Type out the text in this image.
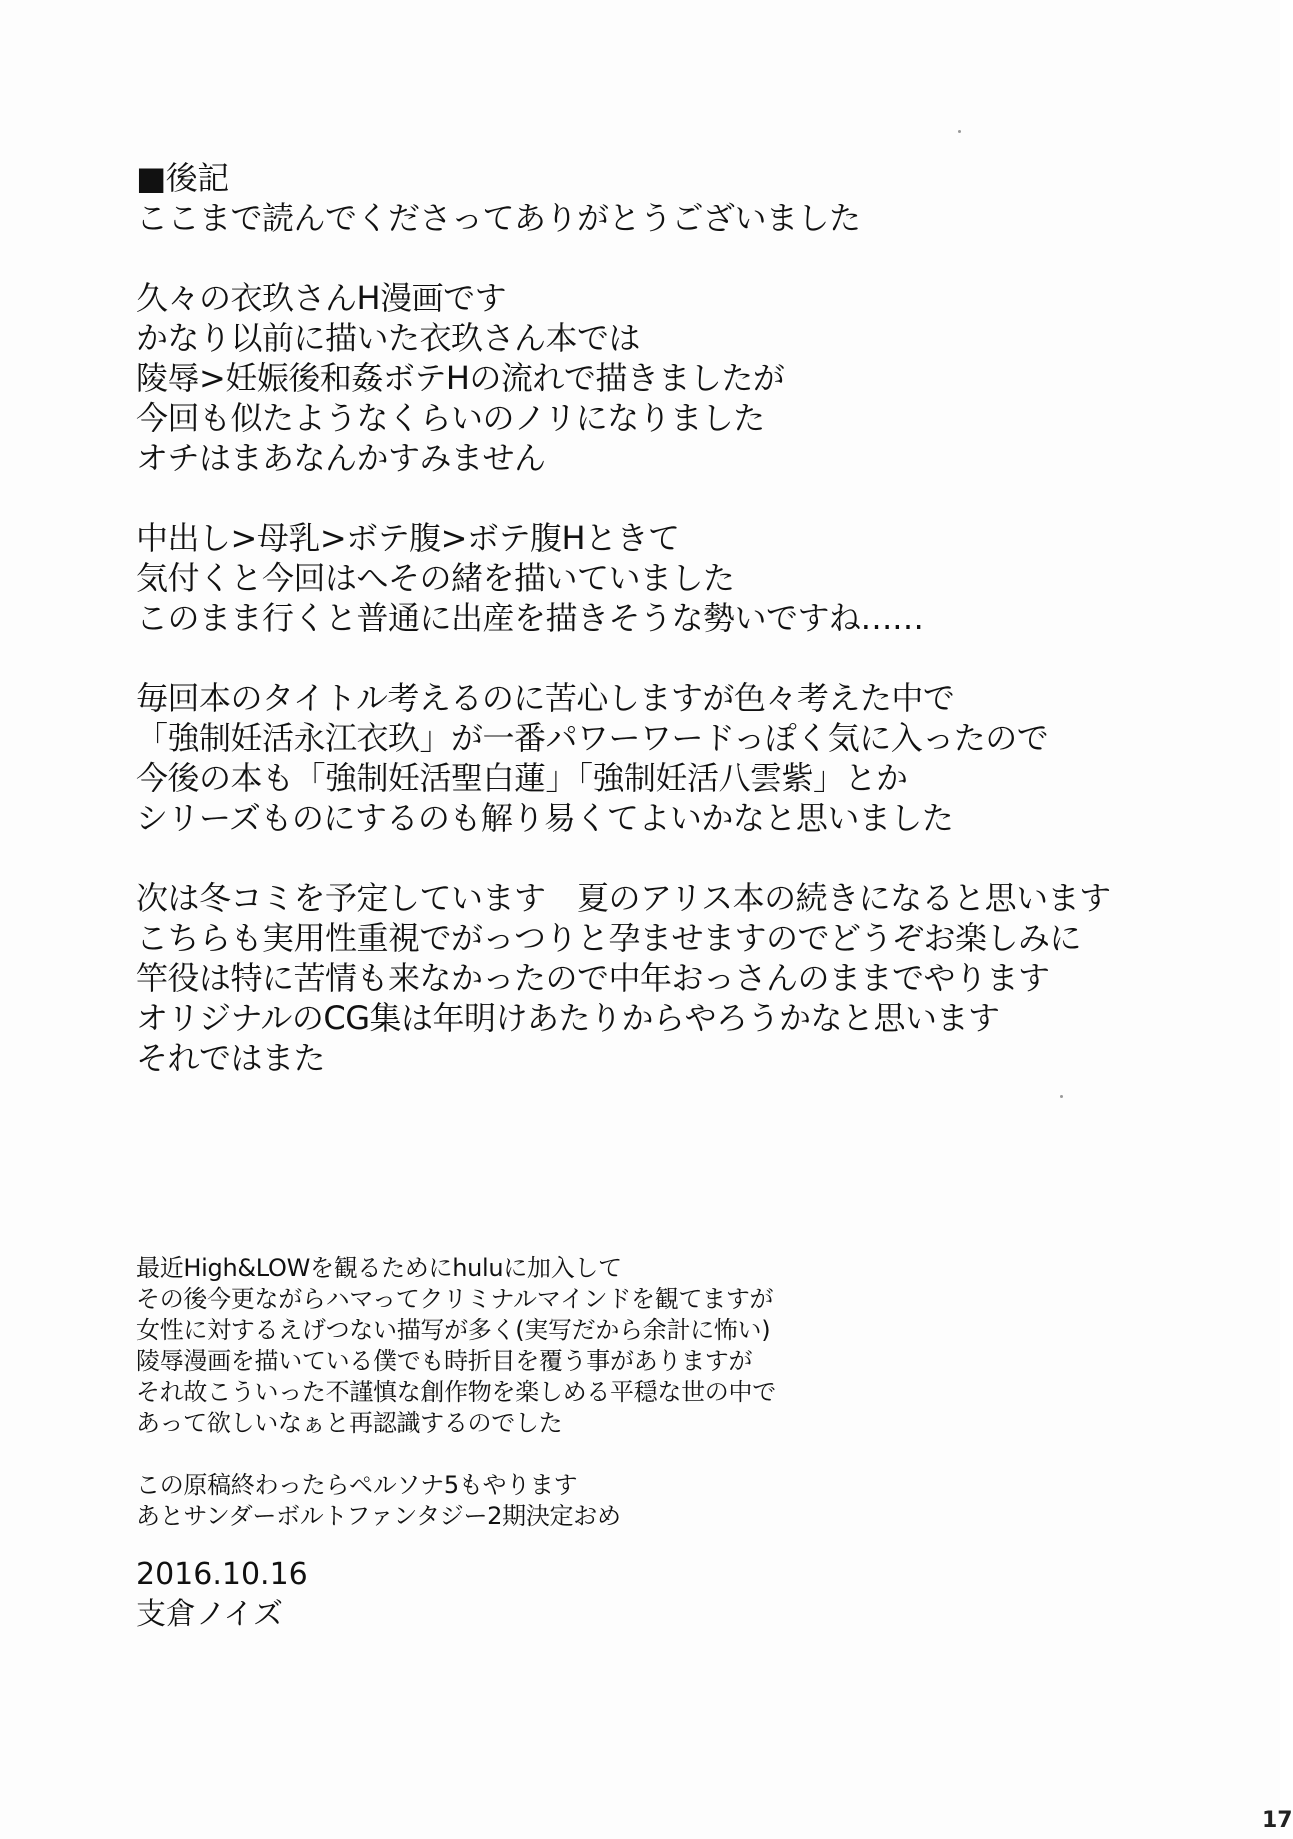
■後記
ここまで読んでくださってありがとうございました
久々の衣玖さんH漫画です
かなり以前に描いた衣玖さん本では
陵辱>妊娠後和姦ボテHの流れで描きましたが
今回も似たようなくらいのノリになりました
オチはまあなんかすみません
中出し>母乳>ボテ腹>ボテ腹Hときて
気付くと今回はへその緒を描いていました
このまま行くと普通に出産を描きそうな勢いですね……
毎回本のタイトル考えるのに苦心しますが色々考えた中で
「強制妊活永江衣玖」が一番パワーワードっぽく気に入ったので
今後の本も「強制妊活聖白蓮」「強制妊活八雲紫」とか
シリーズものにするのも解り易くてよいかなと思いました
次は冬コミを予定しています　夏のアリス本の続きになると思います
こちらも実用性重視でがっつりと孕ませますのでどうぞお楽しみに
竿役は特に苦情も来なかったので中年おっさんのままでやります
オリジナルのCG集は年明けあたりからやろうかなと思います
それではまた
最近High&LOWを観るためにhuluに加入して
その後今更ながらハマってクリミナルマインドを観てますが
女性に対するえげつない描写が多く(実写だから余計に怖い)
陵辱漫画を描いている僕でも時折目を覆う事がありますが
それ故こういった不謹慎な創作物を楽しめる平穏な世の中で
あって欲しいなぁと再認識するのでした
この原稿終わったらペルソナ5もやります
あとサンダーボルトファンタジー2期決定おめ
2016.10.16
支倉ノイズ
17
